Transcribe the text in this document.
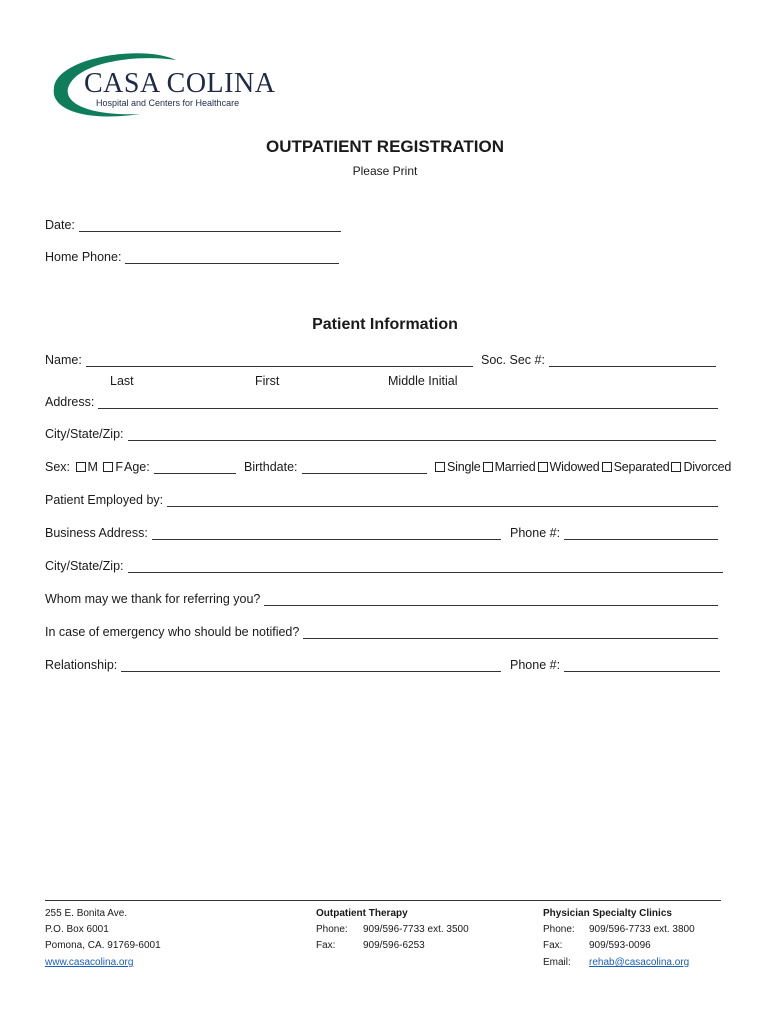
CASA COLINA
Hospital and Centers for Healthcare
OUTPATIENT REGISTRATION
Please Print
Date:
Home Phone:
Patient Information
Name:	Soc. Sec #:
Last	First	Middle Initial
Address:
City/State/Zip:
Sex: M F Age:	Birthdate:	Single Married Widowed Separated Divorced
Patient Employed by:
Business Address:	Phone #:
City/State/Zip:
Whom may we thank for referring you?
In case of emergency who should be notified?
Relationship:	Phone #:
255 E. Bonita Ave.
P.O. Box 6001
Pomona, CA. 91769-6001
www.casacolina.org
Outpatient Therapy
Phone: 909/596-7733 ext. 3500
Fax:	909/596-6253
Physician Specialty Clinics
Phone: 909/596-7733 ext. 3800
Fax:	909/593-0096
Email: rehab@casacolina.org
